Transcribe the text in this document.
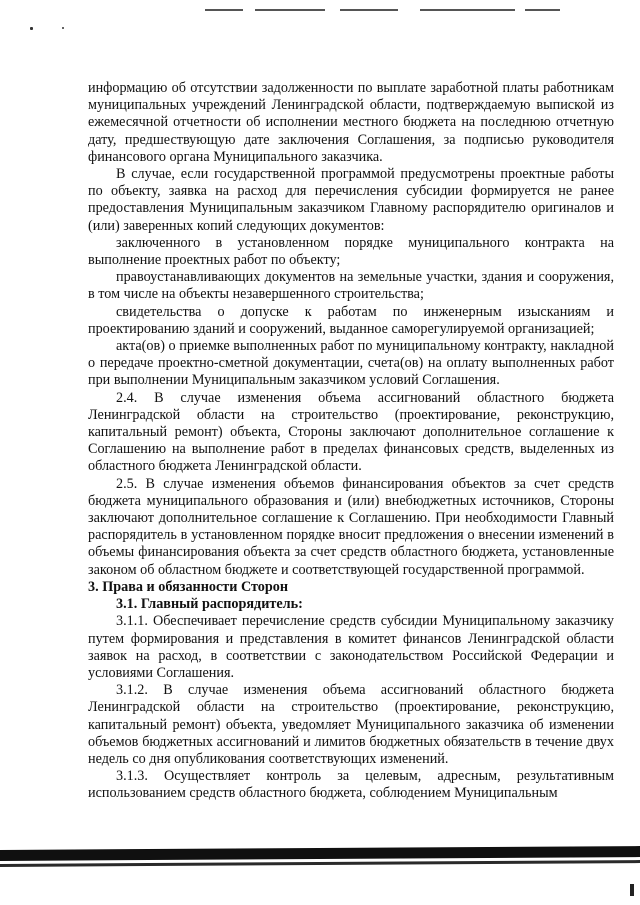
информацию об отсутствии задолженности по выплате заработной платы работникам муниципальных учреждений Ленинградской области, подтверждаемую выпиской из ежемесячной отчетности об исполнении местного бюджета на последнюю отчетную дату, предшествующую дате заключения Соглашения, за подписью руководителя финансового органа Муниципального заказчика.

В случае, если государственной программой предусмотрены проектные работы по объекту, заявка на расход для перечисления субсидии формируется не ранее предоставления Муниципальным заказчиком Главному распорядителю оригиналов и (или) заверенных копий следующих документов:

заключенного в установленном порядке муниципального контракта на выполнение проектных работ по объекту;

правоустанавливающих документов на земельные участки, здания и сооружения, в том числе на объекты незавершенного строительства;

свидетельства о допуске к работам по инженерным изысканиям и проектированию зданий и сооружений, выданное саморегулируемой организацией;

акта(ов) о приемке выполненных работ по муниципальному контракту, накладной о передаче проектно-сметной документации, счета(ов) на оплату выполненных работ при выполнении Муниципальным заказчиком условий Соглашения.

2.4. В случае изменения объема ассигнований областного бюджета Ленинградской области на строительство (проектирование, реконструкцию, капитальный ремонт) объекта, Стороны заключают дополнительное соглашение к Соглашению на выполнение работ в пределах финансовых средств, выделенных из областного бюджета Ленинградской области.

2.5. В случае изменения объемов финансирования объектов за счет средств бюджета муниципального образования и (или) внебюджетных источников, Стороны заключают дополнительное соглашение к Соглашению. При необходимости Главный распорядитель в установленном порядке вносит предложения о внесении изменений в объемы финансирования объекта за счет средств областного бюджета, установленные законом об областном бюджете и соответствующей государственной программой.

3. Права и обязанности Сторон

3.1. Главный распорядитель:

3.1.1. Обеспечивает перечисление средств субсидии Муниципальному заказчику путем формирования и представления в комитет финансов Ленинградской области заявок на расход, в соответствии с законодательством Российской Федерации и условиями Соглашения.

3.1.2. В случае изменения объема ассигнований областного бюджета Ленинградской области на строительство (проектирование, реконструкцию, капитальный ремонт) объекта, уведомляет Муниципального заказчика об изменении объемов бюджетных ассигнований и лимитов бюджетных обязательств в течение двух недель со дня опубликования соответствующих изменений.

3.1.3. Осуществляет контроль за целевым, адресным, результативным использованием средств областного бюджета, соблюдением Муниципальным
